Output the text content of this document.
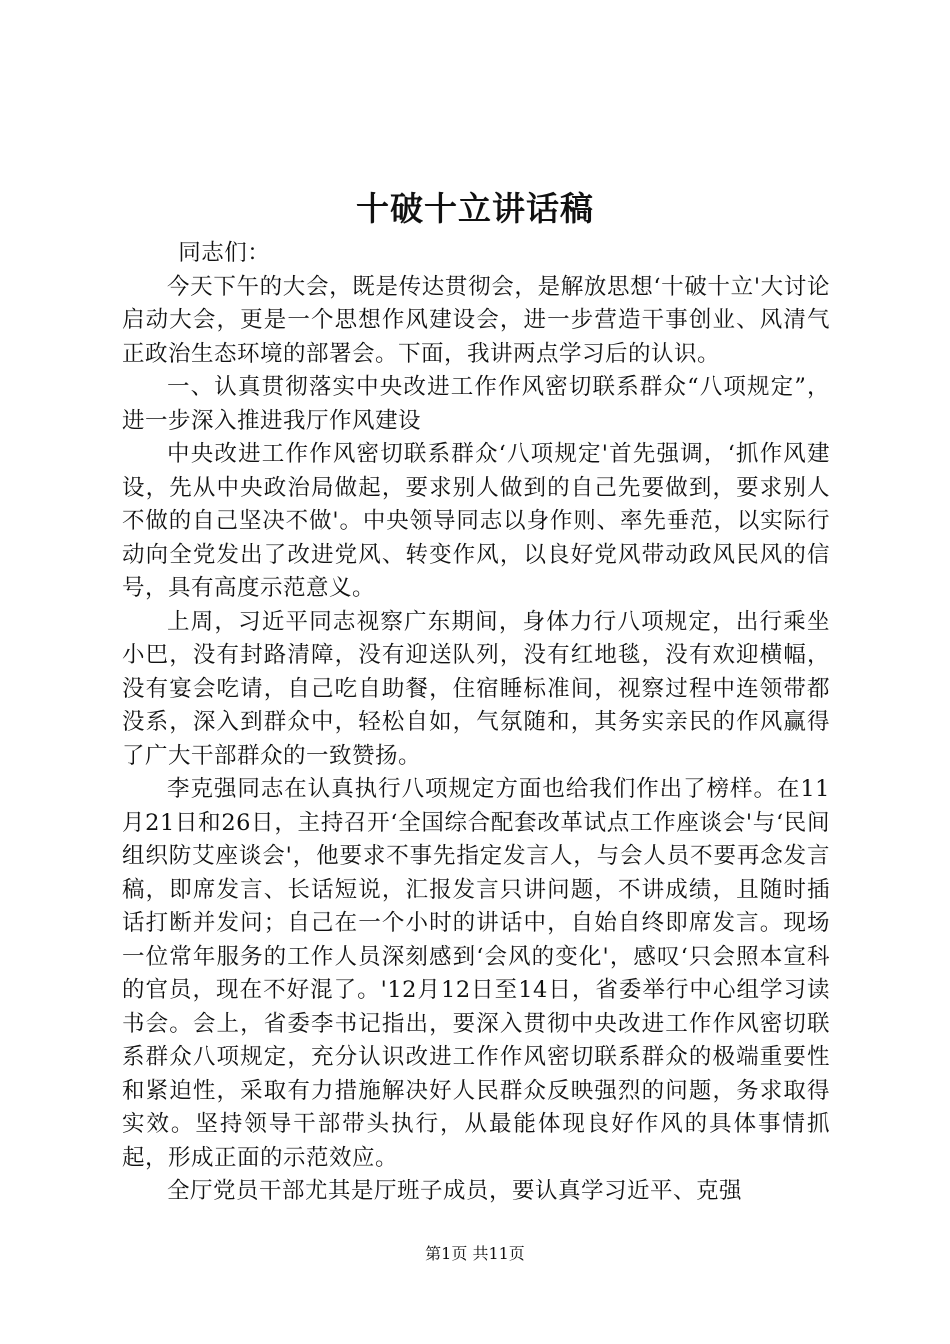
十破十立讲话稿

同志们：

今天下午的大会，既是传达贯彻会，是解放思想‘十破十立'大讨论启动大会，更是一个思想作风建设会，进一步营造干事创业、风清气正政治生态环境的部署会。下面，我讲两点学习后的认识。

一、认真贯彻落实中央改进工作作风密切联系群众“八项规定”，进一步深入推进我厅作风建设

中央改进工作作风密切联系群众‘八项规定'首先强调，‘抓作风建设，先从中央政治局做起，要求别人做到的自己先要做到，要求别人不做的自己坚决不做'。中央领导同志以身作则、率先垂范，以实际行动向全党发出了改进党风、转变作风，以良好党风带动政风民风的信号，具有高度示范意义。

上周，习近平同志视察广东期间，身体力行八项规定，出行乘坐小巴，没有封路清障，没有迎送队列，没有红地毯，没有欢迎横幅，没有宴会吃请，自己吃自助餐，住宿睡标准间，视察过程中连领带都没系，深入到群众中，轻松自如，气氛随和，其务实亲民的作风赢得了广大干部群众的一致赞扬。

李克强同志在认真执行八项规定方面也给我们作出了榜样。在11月21日和26日，主持召开‘全国综合配套改革试点工作座谈会'与‘民间组织防艾座谈会'，他要求不事先指定发言人，与会人员不要再念发言稿，即席发言、长话短说，汇报发言只讲问题，不讲成绩，且随时插话打断并发问；自己在一个小时的讲话中，自始自终即席发言。现场一位常年服务的工作人员深刻感到‘会风的变化'，感叹‘只会照本宣科的官员，现在不好混了。'12月12日至14日，省委举行中心组学习读书会。会上，省委李书记指出，要深入贯彻中央改进工作作风密切联系群众八项规定，充分认识改进工作作风密切联系群众的极端重要性和紧迫性，采取有力措施解决好人民群众反映强烈的问题，务求取得实效。坚持领导干部带头执行，从最能体现良好作风的具体事情抓起，形成正面的示范效应。

全厅党员干部尤其是厅班子成员，要认真学习近平、克强

第1页 共11页
